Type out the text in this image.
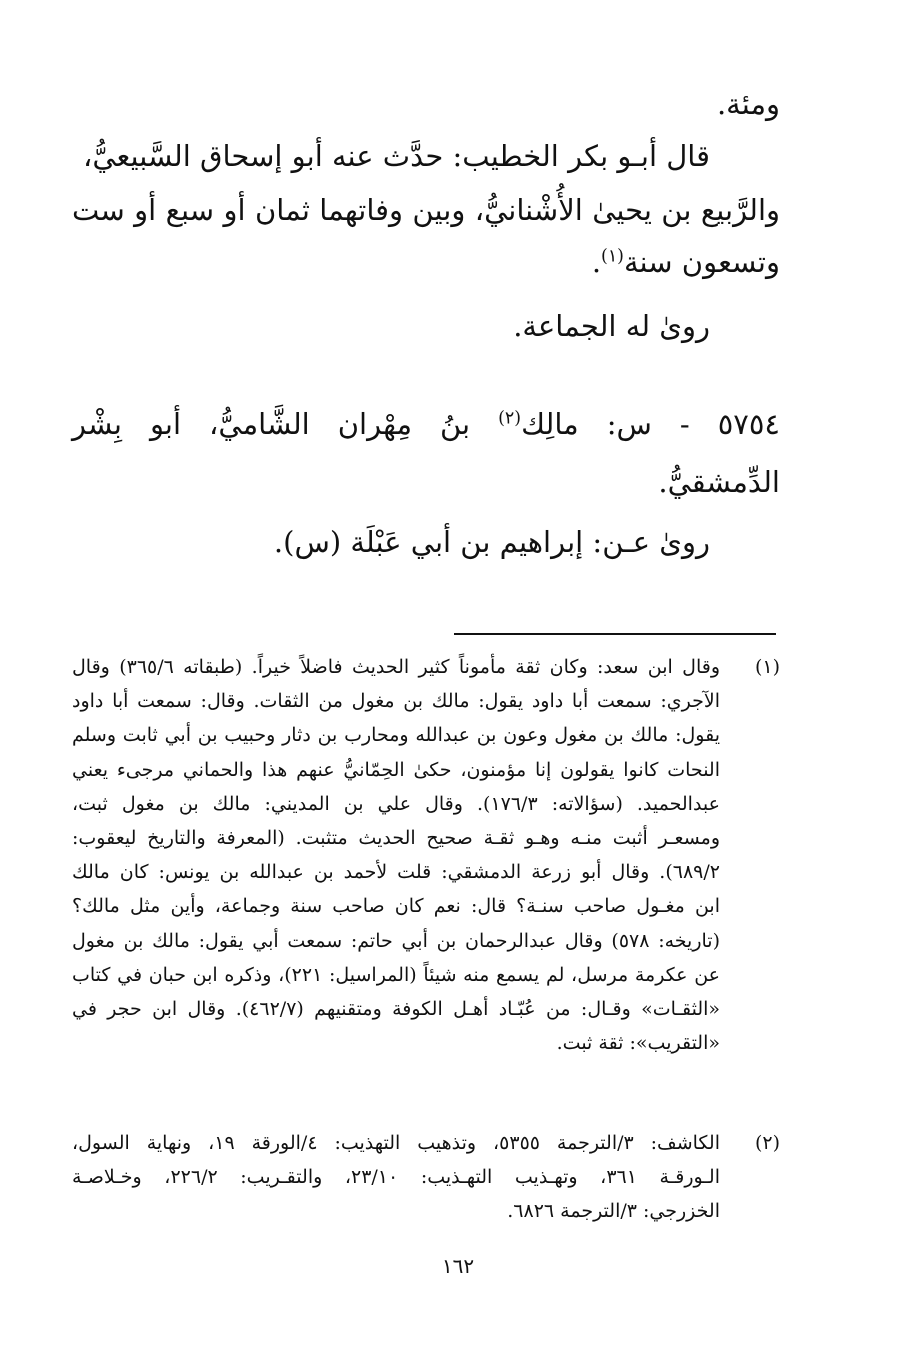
ومئة.
قال أبـو بكر الخطيب: حدَّث عنه أبو إسحاق السَّبيعيُّ،
والرَّبيع بن يحيىٰ الأُشْنانيُّ، وبين وفاتهما ثمان أو سبع أو ست
وتسعون سنة$^{(١)}$.
رویٰ له الجماعة.
٥٧٥٤ - س: مالِك$^{(٢)}$ بنُ مِهْران الشَّاميُّ، أبو بِشْر
الدِّمشقيُّ.
رویٰ عـن: إبراهيم بن أبي عَبْلَة (س).
(١)
وقال ابن سعد: وكان ثقة مأموناً كثير الحديث فاضلاً خيراً. (طبقاته ٣٦٥/٦) وقال
الآجري: سمعت أبا داود يقول: مالك بن مغول من الثقات. وقال: سمعت أبا داود
يقول: مالك بن مغول وعون بن عبدالله ومحارب بن دثار وحبيب بن أبي ثابت وسلم
النحات كانوا يقولون إنا مؤمنون، حكىٰ الحِمّانيُّ عنهم هذا والحماني مرجىء يعني
عبدالحميد. (سؤالاته: ١٧٦/٣). وقال علي بن المديني: مالك بن مغول ثبت،
ومسعـر أثبت منـه وهـو ثقـة صحيح الحديث متثبت. (المعرفة والتاريخ ليعقوب:
٦٨٩/٢). وقال أبو زرعة الدمشقي: قلت لأحمد بن عبدالله بن يونس: كان مالك
ابن مغـول صاحب سنـة؟ قال: نعم كان صاحب سنة وجماعة، وأين مثل مالك؟
(تاريخه: ٥٧٨) وقال عبدالرحمان بن أبي حاتم: سمعت أبي يقول: مالك بن مغول
عن عكرمة مرسل، لم يسمع منه شيئاً (المراسيل: ٢٢١)، وذكره ابن حبان في كتاب
«الثقـات» وقـال: من عُبّـاد أهـل الكوفة ومتقنيهم (٤٦٢/٧). وقال ابن حجر في
«التقريب»: ثقة ثبت.
(٢)
الكاشف: ٣/الترجمة ٥٣٥٥، وتذهيب التهذيب: ٤/الورقة ١٩، ونهاية السول،
الـورقـة ٣٦١، وتهـذيب التهـذيب: ٢٣/١٠، والتقـريب: ٢٢٦/٢، وخـلاصـة
الخزرجي: ٣/الترجمة ٦٨٢٦.
١٦٢
